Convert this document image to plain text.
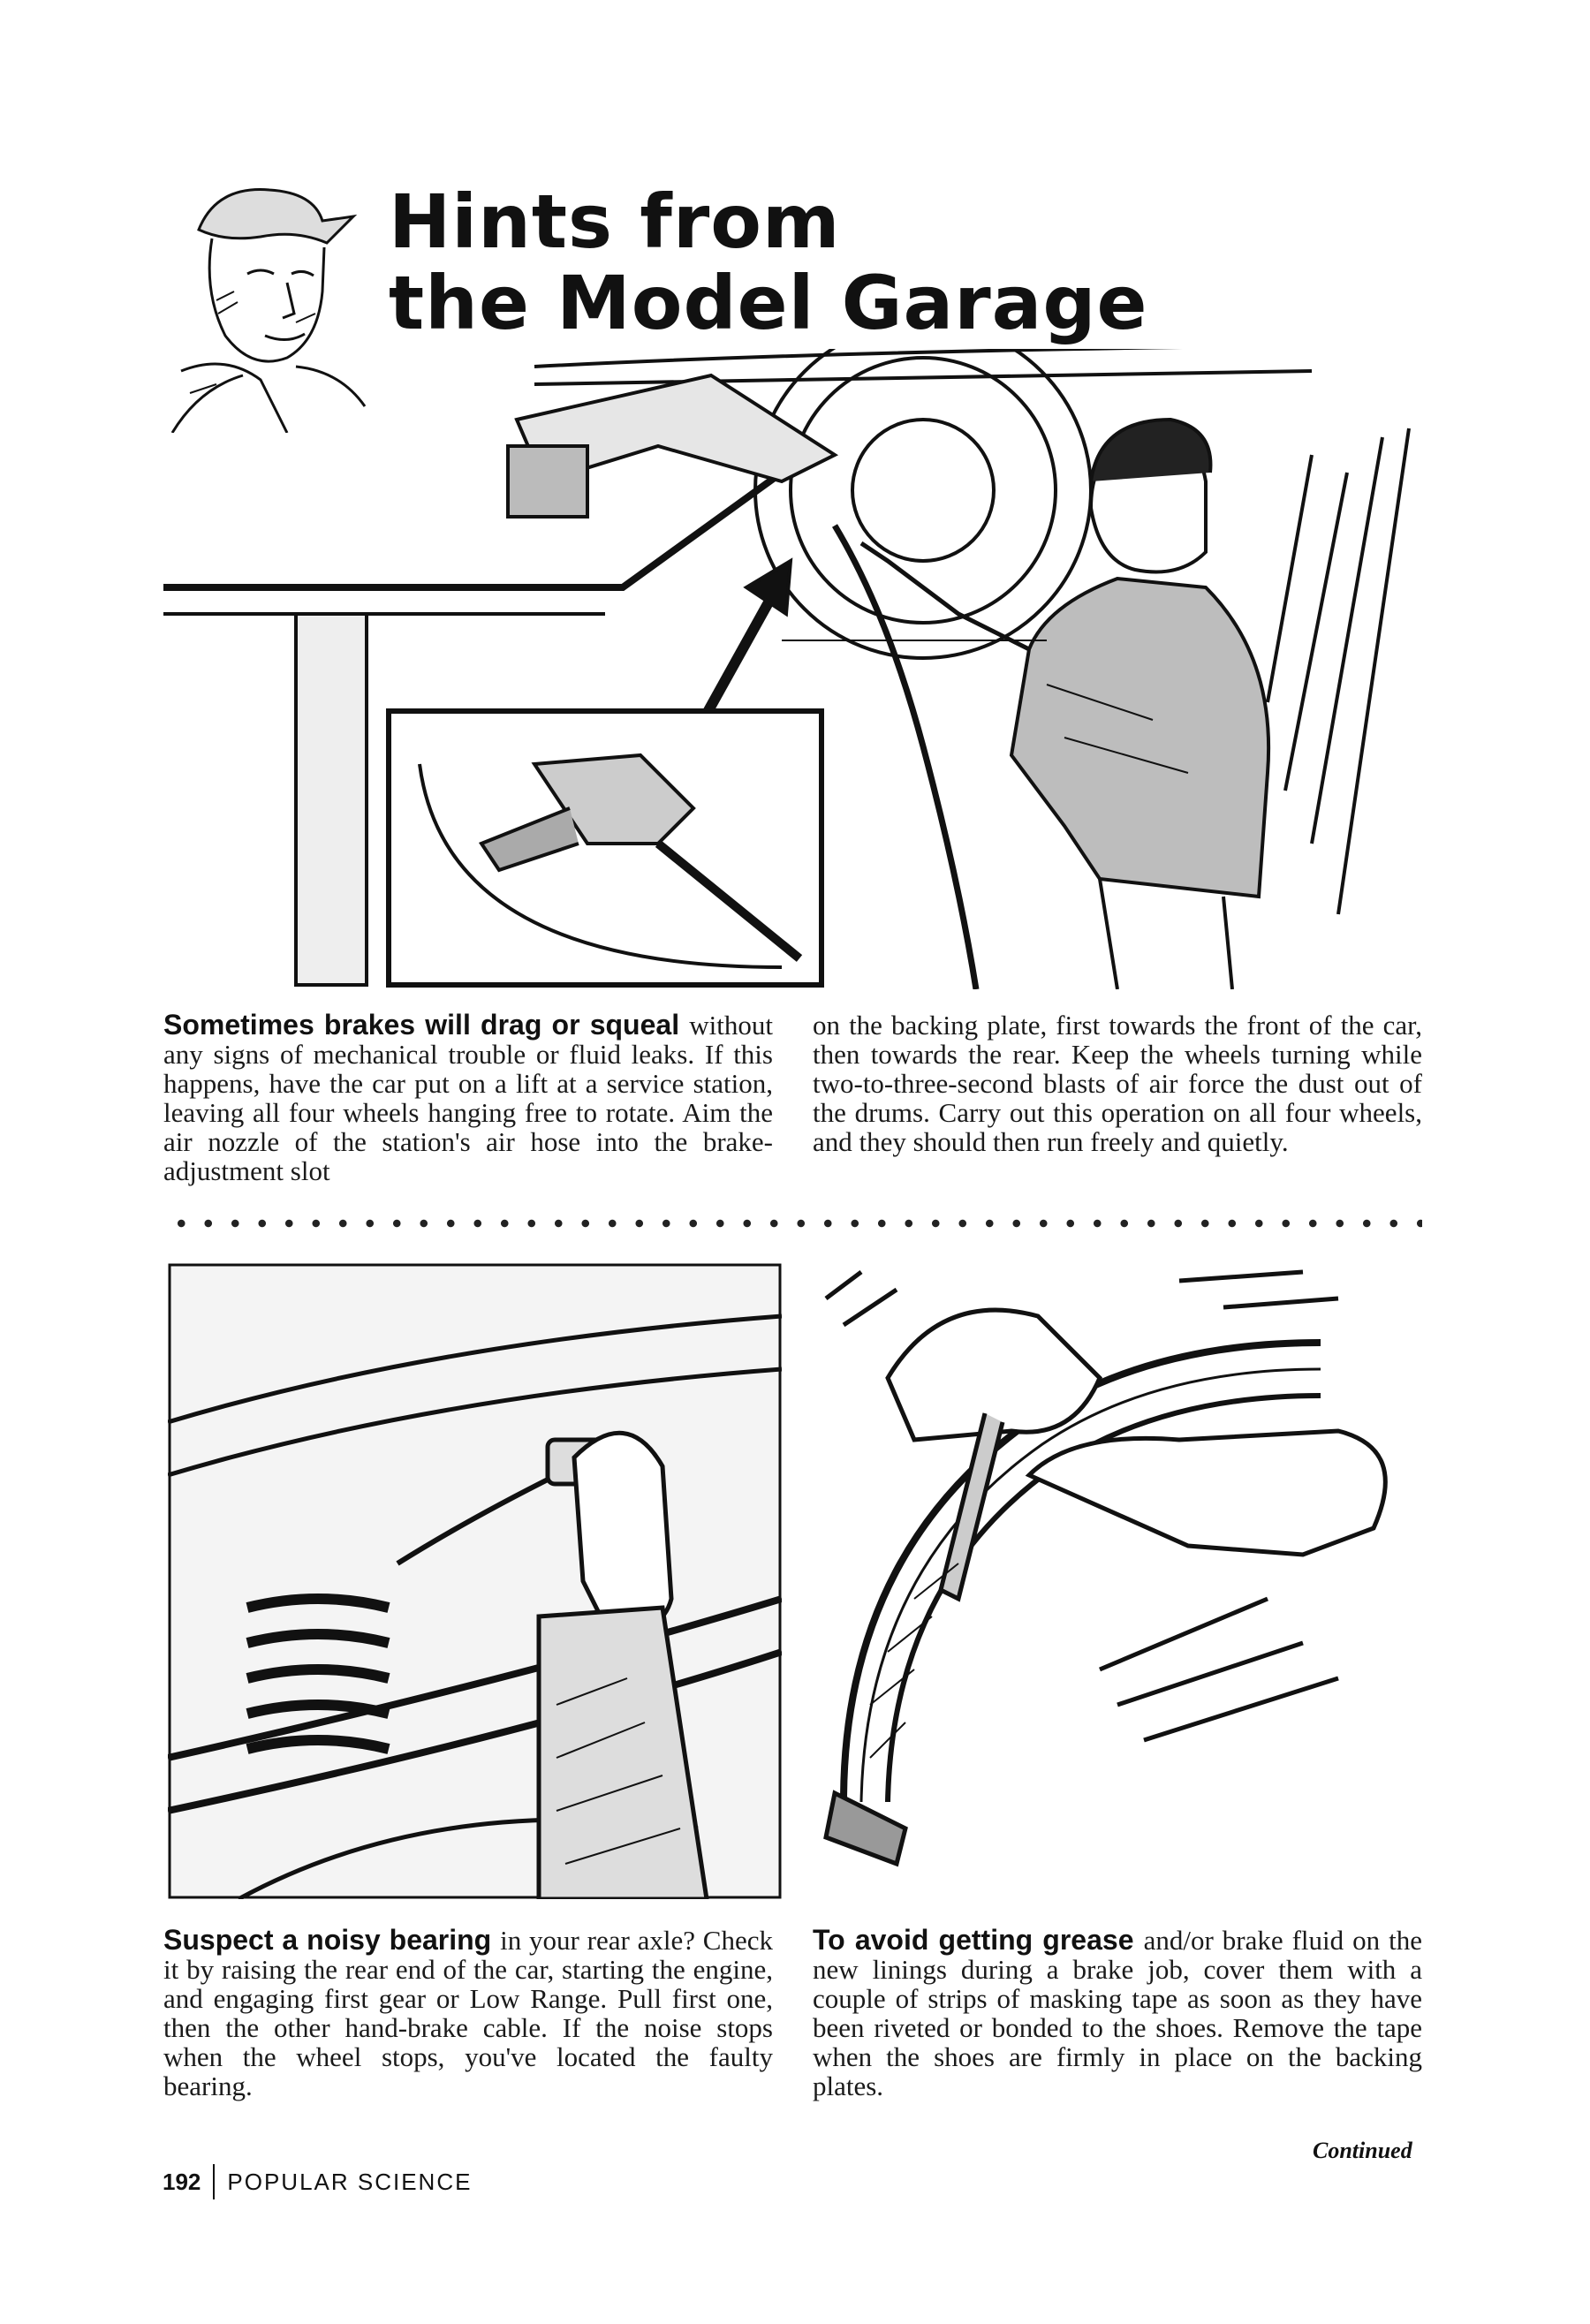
Hints from
the Model Garage
Sometimes brakes will drag or squeal without any signs of mechanical trouble or fluid leaks. If this happens, have the car put on a lift at a service station, leaving all four wheels hanging free to rotate. Aim the air nozzle of the station's air hose into the brake-adjustment slot
on the backing plate, first towards the front of the car, then towards the rear. Keep the wheels turning while two-to-three-second blasts of air force the dust out of the drums. Carry out this operation on all four wheels, and they should then run freely and quietly.
Suspect a noisy bearing in your rear axle? Check it by raising the rear end of the car, starting the engine, and engaging first gear or Low Range. Pull first one, then the other hand-brake cable. If the noise stops when the wheel stops, you've located the faulty bearing.
To avoid getting grease and/or brake fluid on the new linings during a brake job, cover them with a couple of strips of masking tape as soon as they have been riveted or bonded to the shoes. Remove the tape when the shoes are firmly in place on the backing plates.
Continued
192 POPULAR SCIENCE
